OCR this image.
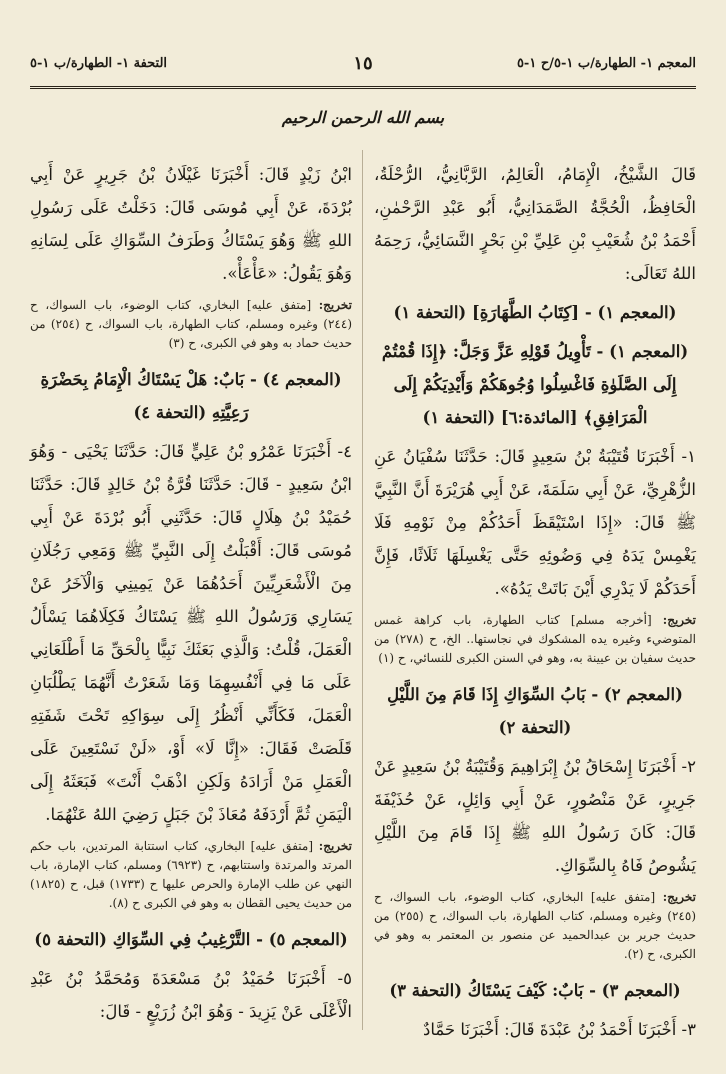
المعجم ١- الطهارة/ب ١-٥/ح ١-٥
١٥
التحفة ١- الطهارة/ب ١-٥
بسم الله الرحمن الرحيم

قَالَ الشَّيْخُ، الْإِمَامُ، الْعَالِمُ، الرَّبَّانِيُّ، الرُّحْلَةُ، الْحَافِظُ، الْحُجَّةُ الصَّمَدَانِيُّ، أَبُو عَبْدِ الرَّحْمٰنِ، أَحْمَدُ بْنُ شُعَيْبِ بْنِ عَلِيِّ بْنِ بَحْرٍ النَّسَائِيُّ، رَحِمَهُ اللهُ تَعَالَى:

(المعجم ١) - [كِتَابُ الطَّهَارَةِ] (التحفة ١)

(المعجم ١) - تَأْوِيلُ قَوْلِهِ عَزَّ وَجَلَّ: ﴿إِذَا قُمْتُمْ إِلَى الصَّلَوٰةِ فَاغْسِلُوا وُجُوهَكُمْ وَأَيْدِيَكُمْ إِلَى الْمَرَافِقِ﴾ [المائدة:٦] (التحفة ١)

١- أَخْبَرَنَا قُتَيْبَةُ بْنُ سَعِيدٍ قَالَ: حَدَّثَنَا سُفْيَانُ عَنِ الزُّهْرِيِّ، عَنْ أَبِي سَلَمَةَ، عَنْ أَبِي هُرَيْرَةَ أَنَّ النَّبِيَّ ﷺ قَالَ: «إِذَا اسْتَيْقَظَ أَحَدُكُمْ مِنْ نَوْمِهِ فَلَا يَغْمِسْ يَدَهُ فِي وَضُوئِهِ حَتَّى يَغْسِلَهَا ثَلَاثًا، فَإِنَّ أَحَدَكُمْ لَا يَدْرِي أَيْنَ بَاتَتْ يَدُهُ».

تخريج: [أخرجه مسلم] كتاب الطهارة، باب كراهة غمس المتوضيء وغيره يده المشكوك في نجاستها.. الخ، ح (٢٧٨) من حديث سفيان بن عيينة به، وهو في السنن الكبرى للنسائي، ح (١)

(المعجم ٢) - بَابُ السِّوَاكِ إِذَا قَامَ مِنَ اللَّيْلِ (التحفة ٢)

٢- أَخْبَرَنَا إِسْحَاقُ بْنُ إِبْرَاهِيمَ وَقُتَيْبَةُ بْنُ سَعِيدٍ عَنْ جَرِيرٍ، عَنْ مَنْصُورٍ، عَنْ أَبِي وَائِلٍ، عَنْ حُذَيْفَةَ قَالَ: كَانَ رَسُولُ اللهِ ﷺ إِذَا قَامَ مِنَ اللَّيْلِ يَشُوصُ فَاهُ بِالسِّوَاكِ.

تخريج: [متفق عليه] البخاري، كتاب الوضوء، باب السواك، ح (٢٤٥) وغيره ومسلم، كتاب الطهارة، باب السواك، ح (٢٥٥) من حديث جرير بن عبدالحميد عن منصور بن المعتمر به وهو في الكبرى، ح (٢).

(المعجم ٣) - بَابٌ: كَيْفَ يَسْتَاكُ (التحفة ٣)

٣- أَخْبَرَنَا أَحْمَدُ بْنُ عَبْدَةَ قَالَ: أَخْبَرَنَا حَمَّادٌ

ابْنُ زَيْدٍ قَالَ: أَخْبَرَنَا غَيْلَانُ بْنُ جَرِيرٍ عَنْ أَبِي بُرْدَةَ، عَنْ أَبِي مُوسَى قَالَ: دَخَلْتُ عَلَى رَسُولِ اللهِ ﷺ وَهُوَ يَسْتَاكُ وَطَرَفُ السِّوَاكِ عَلَى لِسَانِهِ وَهُوَ يَقُولُ: «عَأْعَأْ».

تخريج: [متفق عليه] البخاري، كتاب الوضوء، باب السواك، ح (٢٤٤) وغيره ومسلم، كتاب الطهارة، باب السواك، ح (٢٥٤) من حديث حماد به وهو في الكبرى، ح (٣)

(المعجم ٤) - بَابٌ: هَلْ يَسْتَاكُ الْإِمَامُ بِحَضْرَةِ رَعِيَّتِهِ (التحفة ٤)

٤- أَخْبَرَنَا عَمْرُو بْنُ عَلِيٍّ قَالَ: حَدَّثَنَا يَحْيَى - وَهُوَ ابْنُ سَعِيدٍ - قَالَ: حَدَّثَنَا قُرَّةُ بْنُ خَالِدٍ قَالَ: حَدَّثَنَا حُمَيْدُ بْنُ هِلَالٍ قَالَ: حَدَّثَنِي أَبُو بُرْدَةَ عَنْ أَبِي مُوسَى قَالَ: أَقْبَلْتُ إِلَى النَّبِيِّ ﷺ وَمَعِي رَجُلَانِ مِنَ الْأَشْعَرِيِّينَ أَحَدُهُمَا عَنْ يَمِينِي وَالْآخَرُ عَنْ يَسَارِي وَرَسُولُ اللهِ ﷺ يَسْتَاكُ فَكِلَاهُمَا يَسْأَلُ الْعَمَلَ، قُلْتُ: وَالَّذِي بَعَثَكَ نَبِيًّا بِالْحَقِّ مَا أَطْلَعَانِي عَلَى مَا فِي أَنْفُسِهِمَا وَمَا شَعَرْتُ أَنَّهُمَا يَطْلُبَانِ الْعَمَلَ، فَكَأَنِّي أَنْظُرُ إِلَى سِوَاكِهِ تَحْتَ شَفَتِهِ قَلَصَتْ فَقَالَ: «إِنَّا لَا» أَوْ، «لَنْ نَسْتَعِينَ عَلَى الْعَمَلِ مَنْ أَرَادَهُ وَلَكِنِ اذْهَبْ أَنْتَ» فَبَعَثَهُ إِلَى الْيَمَنِ ثُمَّ أَرْدَفَهُ مُعَاذَ بْنَ جَبَلٍ رَضِيَ اللهُ عَنْهُمَا.

تخريج: [متفق عليه] البخاري، كتاب استتابة المرتدين، باب حكم المرتد والمرتدة واستتابهم، ح (٦٩٢٣) ومسلم، كتاب الإمارة، باب النهي عن طلب الإمارة والحرص عليها ح (١٧٣٣) قبل، ح (١٨٢٥) من حديث يحيى القطان به وهو في الكبرى ح (٨).

(المعجم ٥) - التَّرْغِيبُ فِي السِّوَاكِ (التحفة ٥)

٥- أَخْبَرَنَا حُمَيْدُ بْنُ مَسْعَدَةَ وَمُحَمَّدُ بْنُ عَبْدِ الْأَعْلَى عَنْ يَزِيدَ - وَهُوَ ابْنُ زُرَيْعٍ - قَالَ:
